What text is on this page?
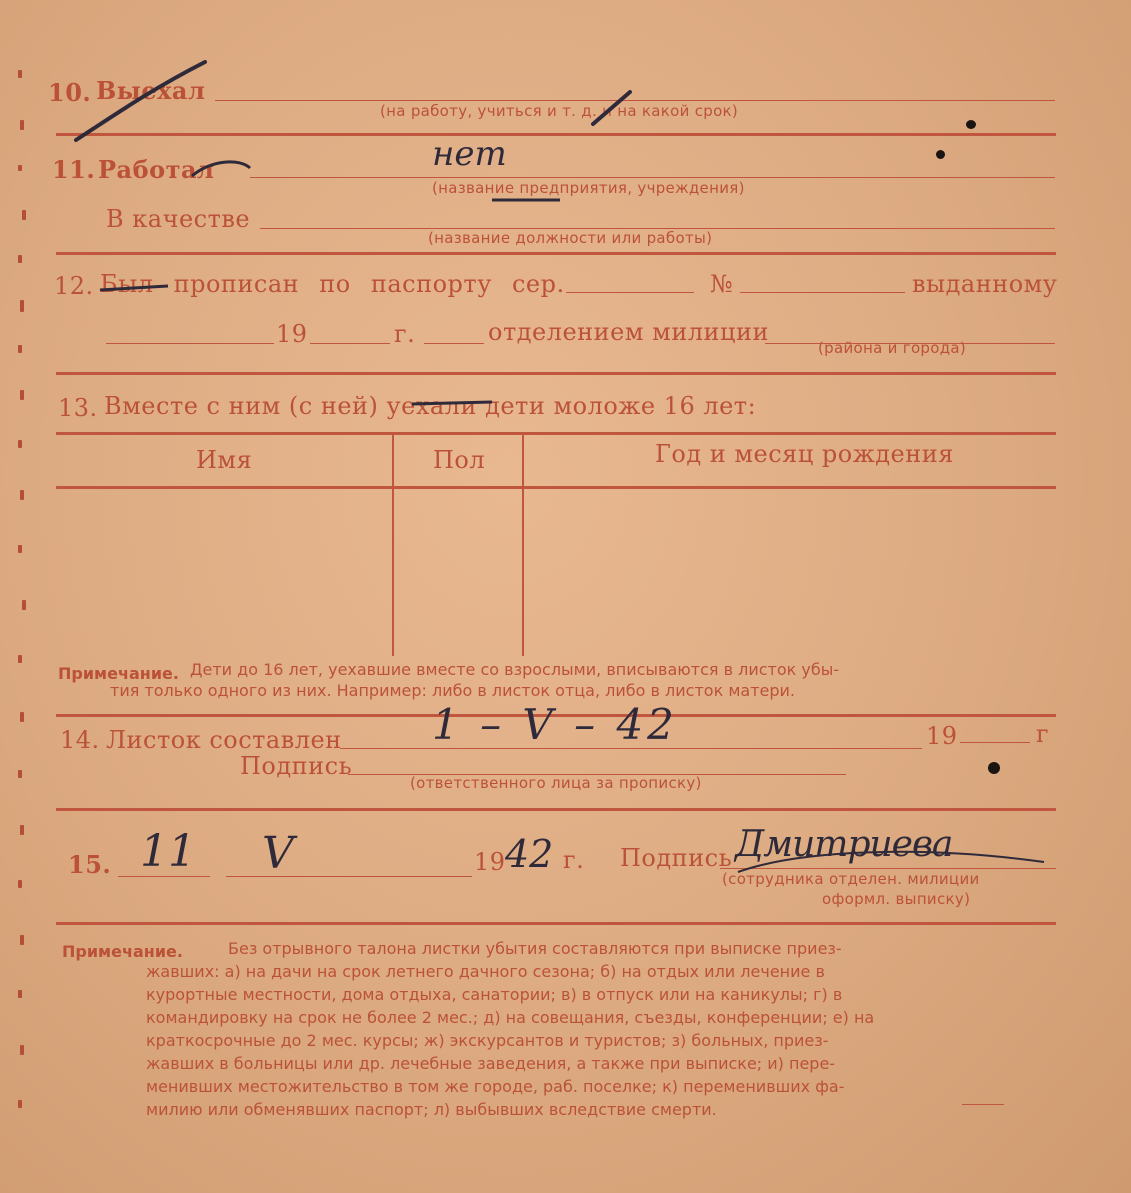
10. Выехал
(на работу, учиться и т. д. и на какой срок)
11. Работал	нет
(название предприятия, учреждения)
В качестве
(название должности или работы)
12. Был прописан по паспорту сер.	№	выданному
19	г.	отделением милиции
(района и города)
13. Вместе с ним (с ней) уехали дети моложе 16 лет:
Имя	Пол	Год и месяц рождения
Примечание. Дети до 16 лет, уехавшие вместе со взрослыми, вписываются в листок убы-
тия только одного из них. Например: либо в листок отца, либо в листок матери.
14. Листок составлен 1 – V – 42	19	г
Подпись
(ответственного лица за прописку)
15. 11 V	19 42 г. Подпись Дмитриева
(сотрудника отделен. милиции
оформл. выписку)
Примечание.	Без отрывного талона листки убытия составляются при выписке приез-
жавших: а) на дачи на срок летнего дачного сезона; б) на отдых или лечение в
курортные местности, дома отдыха, санатории; в) в отпуск или на каникулы; г) в
командировку на срок не более 2 мес.; д) на совещания, съезды, конференции; е) на
краткосрочные до 2 мес. курсы; ж) экскурсантов и туристов; з) больных, приез-
жавших в больницы или др. лечебные заведения, а также при выписке; и) пере-
менивших местожительство в том же городе, раб. поселке; к) переменивших фа-
милию или обменявших паспорт; л) выбывших вследствие смерти.
